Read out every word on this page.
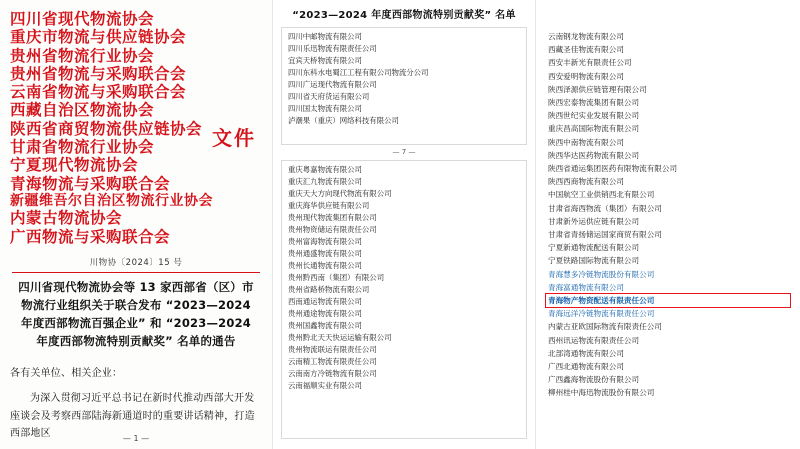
四川省现代物流协会
重庆市物流与供应链协会
贵州省物流行业协会
贵州省物流与采购联合会
云南省物流与采购联合会
西藏自治区物流协会
陕西省商贸物流供应链协会
甘肃省物流行业协会
宁夏现代物流协会
青海物流与采购联合会
新疆维吾尔自治区物流行业协会
内蒙古物流协会
广西物流与采购联合会
文件
川物协〔2024〕15 号
四川省现代物流协会等 13 家西部省（区）市物流行业组织关于联合发布 “2023—2024 年度西部物流百强企业” 和 “2023—2024 年度西部物流特别贡献奖” 名单的通告

各有关单位、相关企业：

为深入贯彻习近平总书记在新时代推动西部大开发座谈会及考察西部陆海新通道时的重要讲话精神，打造西部地区	— 1 —
“2023—2024 年度西部物流特别贡献奖” 名单
四川中邮物流有限公司
四川乐迅物流有限责任公司
宜宾天桥物流有限公司
四川东科水电蜀江工程有限公司物流分公司
四川广运现代物流有限公司
四川省天府货运有限公司
四川国太物流有限公司
泸潮果（重庆）网络科技有限公司
— 7 —
重庆粤嘉物流有限公司
重庆汇九物流有限公司
重庆天大方向现代物流有限公司
重庆海华供应链有限公司
贵州现代物流集团有限公司
贵州物资储运有限责任公司
贵州富海物流有限公司
贵州通盛物流有限公司
贵州长通物流有限公司
贵州黔西南（集团）有限公司
贵州省路桥物流有限公司
西南通运物流有限公司
贵州通途物流有限公司
贵州国鑫物流有限公司
贵州黔北天天快运运输有限公司
贵州物流联运有限责任公司
云南精工物流有限责任公司
云南南方冷链物流有限公司
云南福顺实业有限公司
云南钢龙物流有限公司
西藏圣佳物流有限公司
西安丰新光有限责任公司
西安爱明物流有限公司
陕西泽源供应链管理有限公司
陕西宏泰物流集团有限公司
陕西世纪实业发展有限公司
重庆昌高国际物流有限公司
陕西中南物流有限公司
陕西华达医药物流有限公司
陕西省通运集团医药有限物流有限公司
陕西西商物流有限公司
中国航空工业供销西北有限公司
甘肃省海西物流（集团）有限公司
甘肃新外运供应链有限公司
甘肃省青扬储运国家商贸有限公司
宁夏新通物流配送有限公司
宁夏铁路国际物流有限公司
青海慧多冷链物流股份有限公司
青海富通物流有限公司
青海物产物资配送有限责任公司
青海远洋冷链物流有限责任公司
内蒙古亚欧国际物流有限责任公司
西州讯运物流有限责任公司
北部湾通物流有限公司
广西北通物流有限公司
广西鑫海物流股份有限公司
柳州桂中海迅物流股份有限公司
